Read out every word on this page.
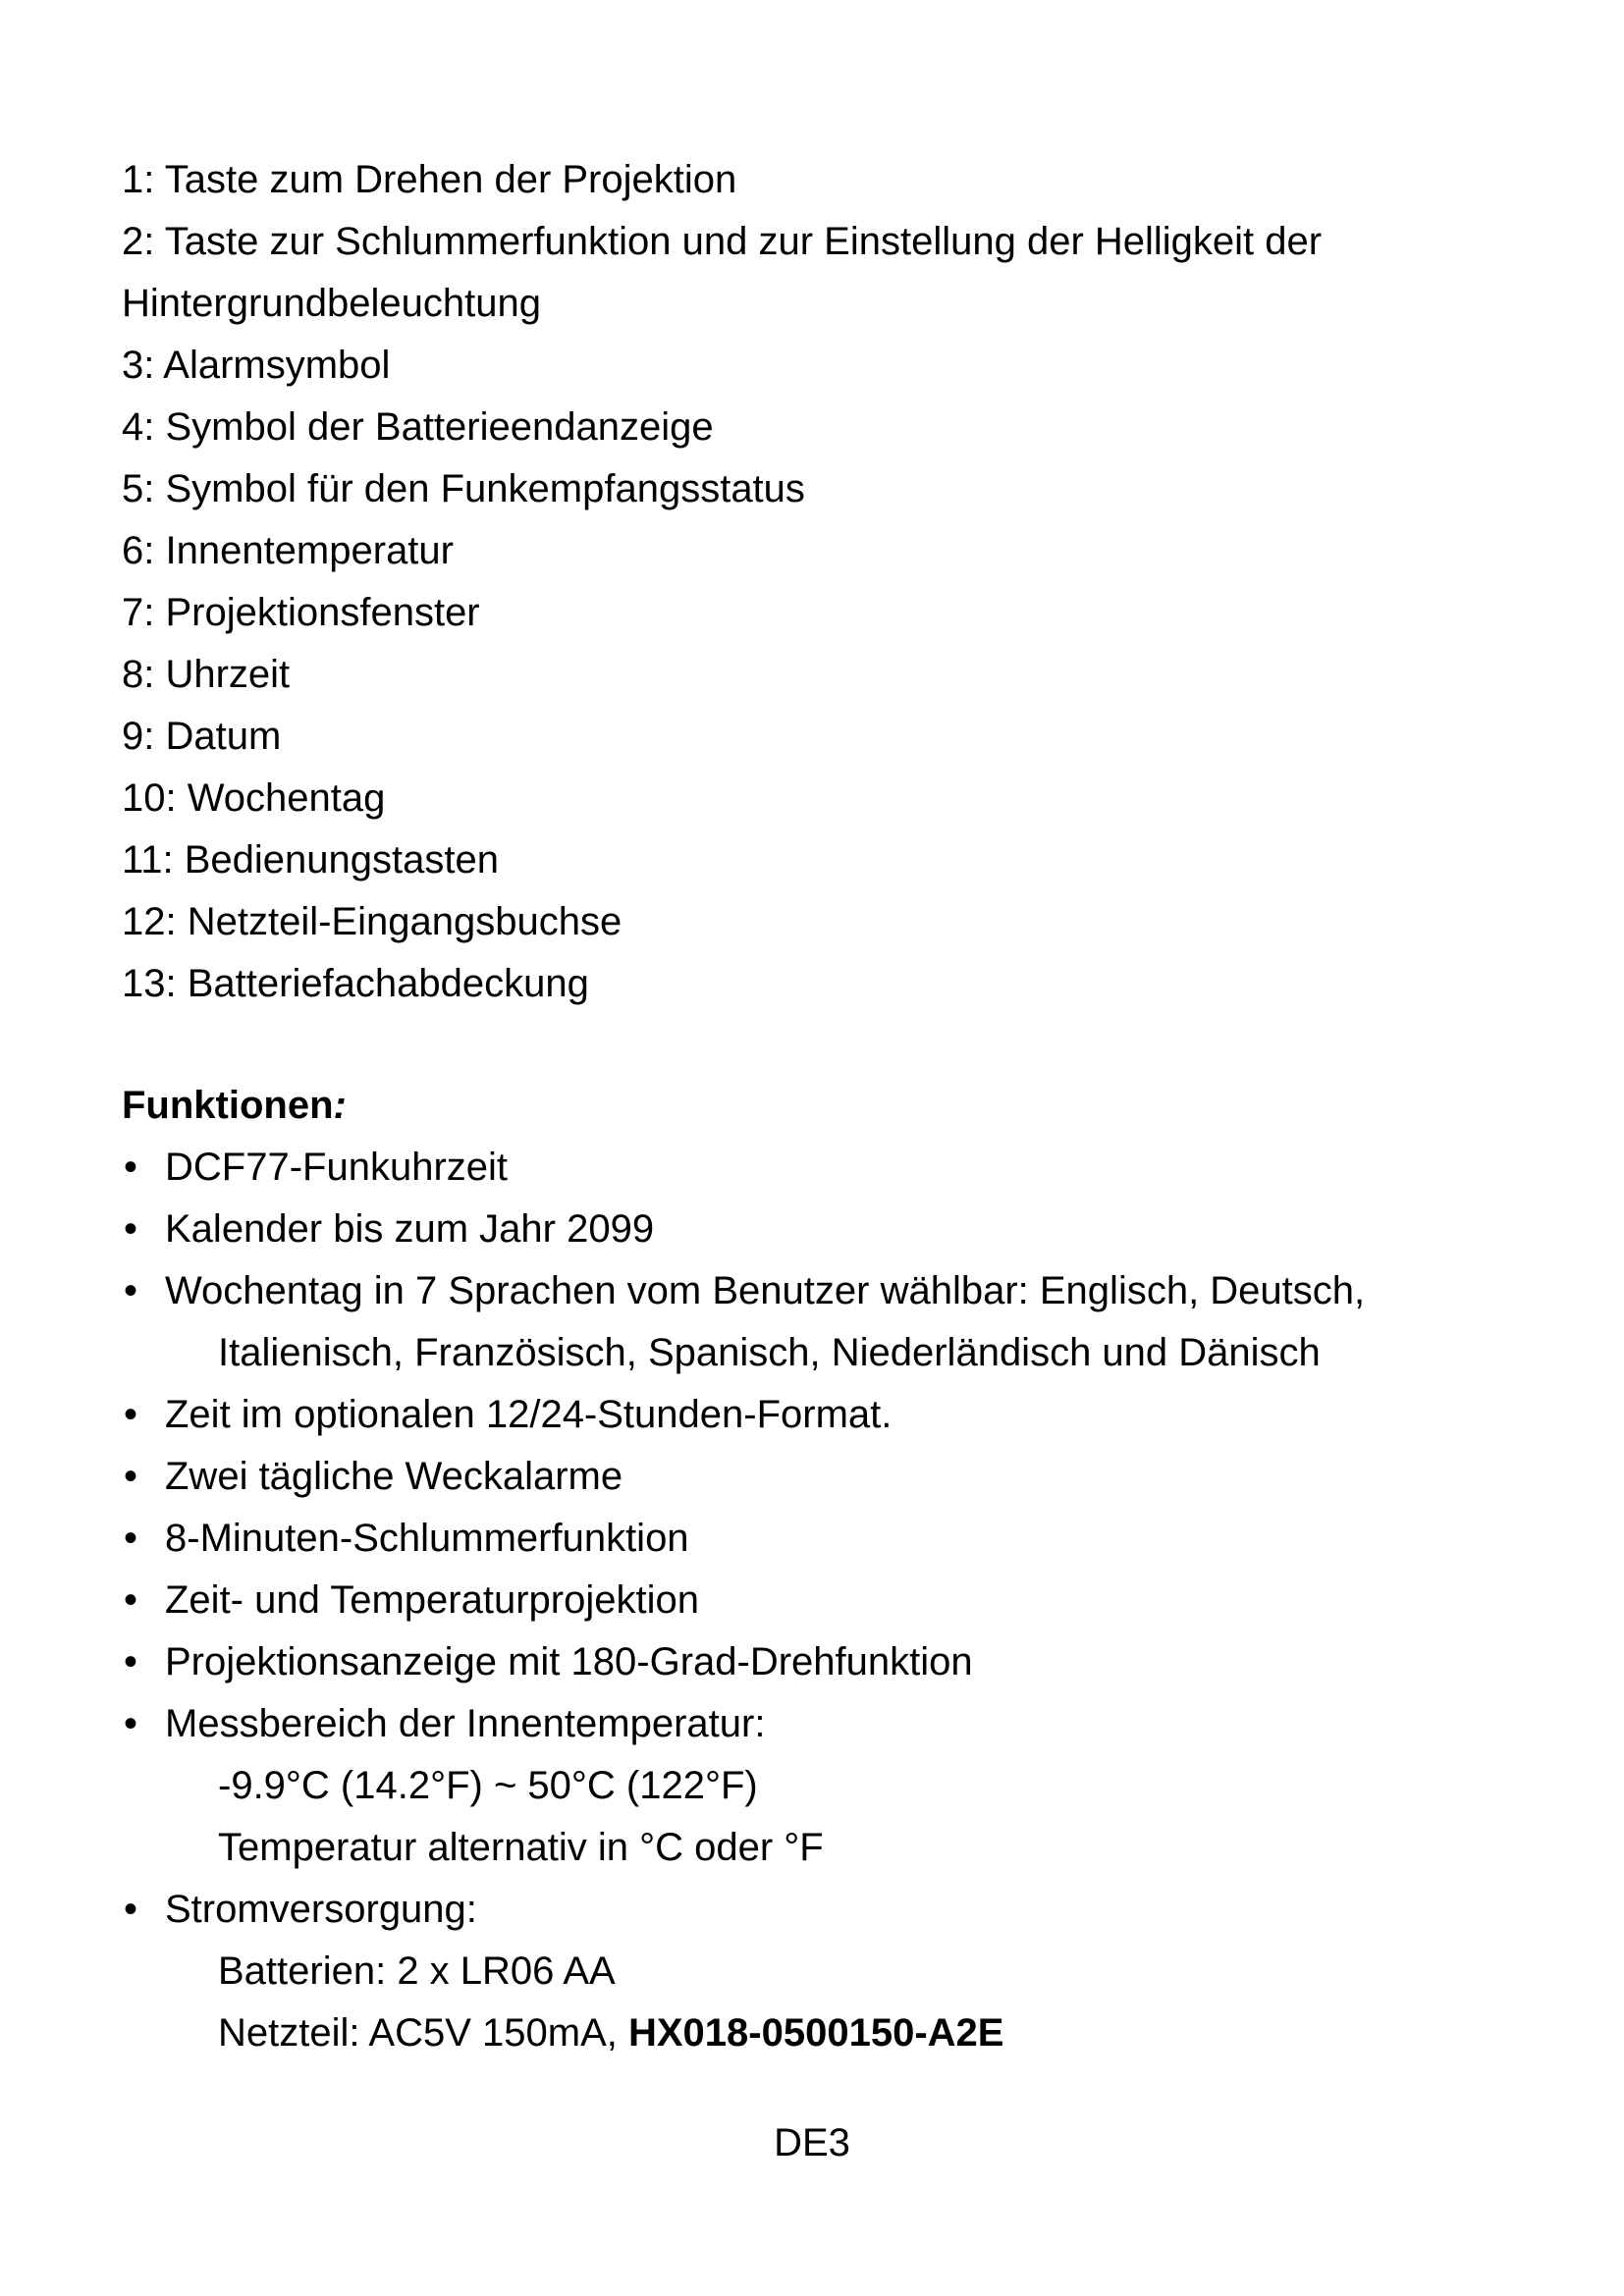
1: Taste zum Drehen der Projektion
2: Taste zur Schlummerfunktion und zur Einstellung der Helligkeit der
Hintergrundbeleuchtung
3: Alarmsymbol
4: Symbol der Batterieendanzeige
5: Symbol für den Funkempfangsstatus
6: Innentemperatur
7: Projektionsfenster
8: Uhrzeit
9: Datum
10: Wochentag
11: Bedienungstasten
12: Netzteil-Eingangsbuchse
13: Batteriefachabdeckung
Funktionen:
• DCF77-Funkuhrzeit
• Kalender bis zum Jahr 2099
• Wochentag in 7 Sprachen vom Benutzer wählbar: Englisch, Deutsch,
Italienisch, Französisch, Spanisch, Niederländisch und Dänisch
• Zeit im optionalen 12/24-Stunden-Format.
• Zwei tägliche Weckalarme
• 8-Minuten-Schlummerfunktion
• Zeit- und Temperaturprojektion
• Projektionsanzeige mit 180-Grad-Drehfunktion
• Messbereich der Innentemperatur:
-9.9°C (14.2°F) ~ 50°C (122°F)
Temperatur alternativ in °C oder °F
• Stromversorgung:
Batterien: 2 x LR06 AA
Netzteil: AC5V 150mA, HX018-0500150-A2E

DE3
